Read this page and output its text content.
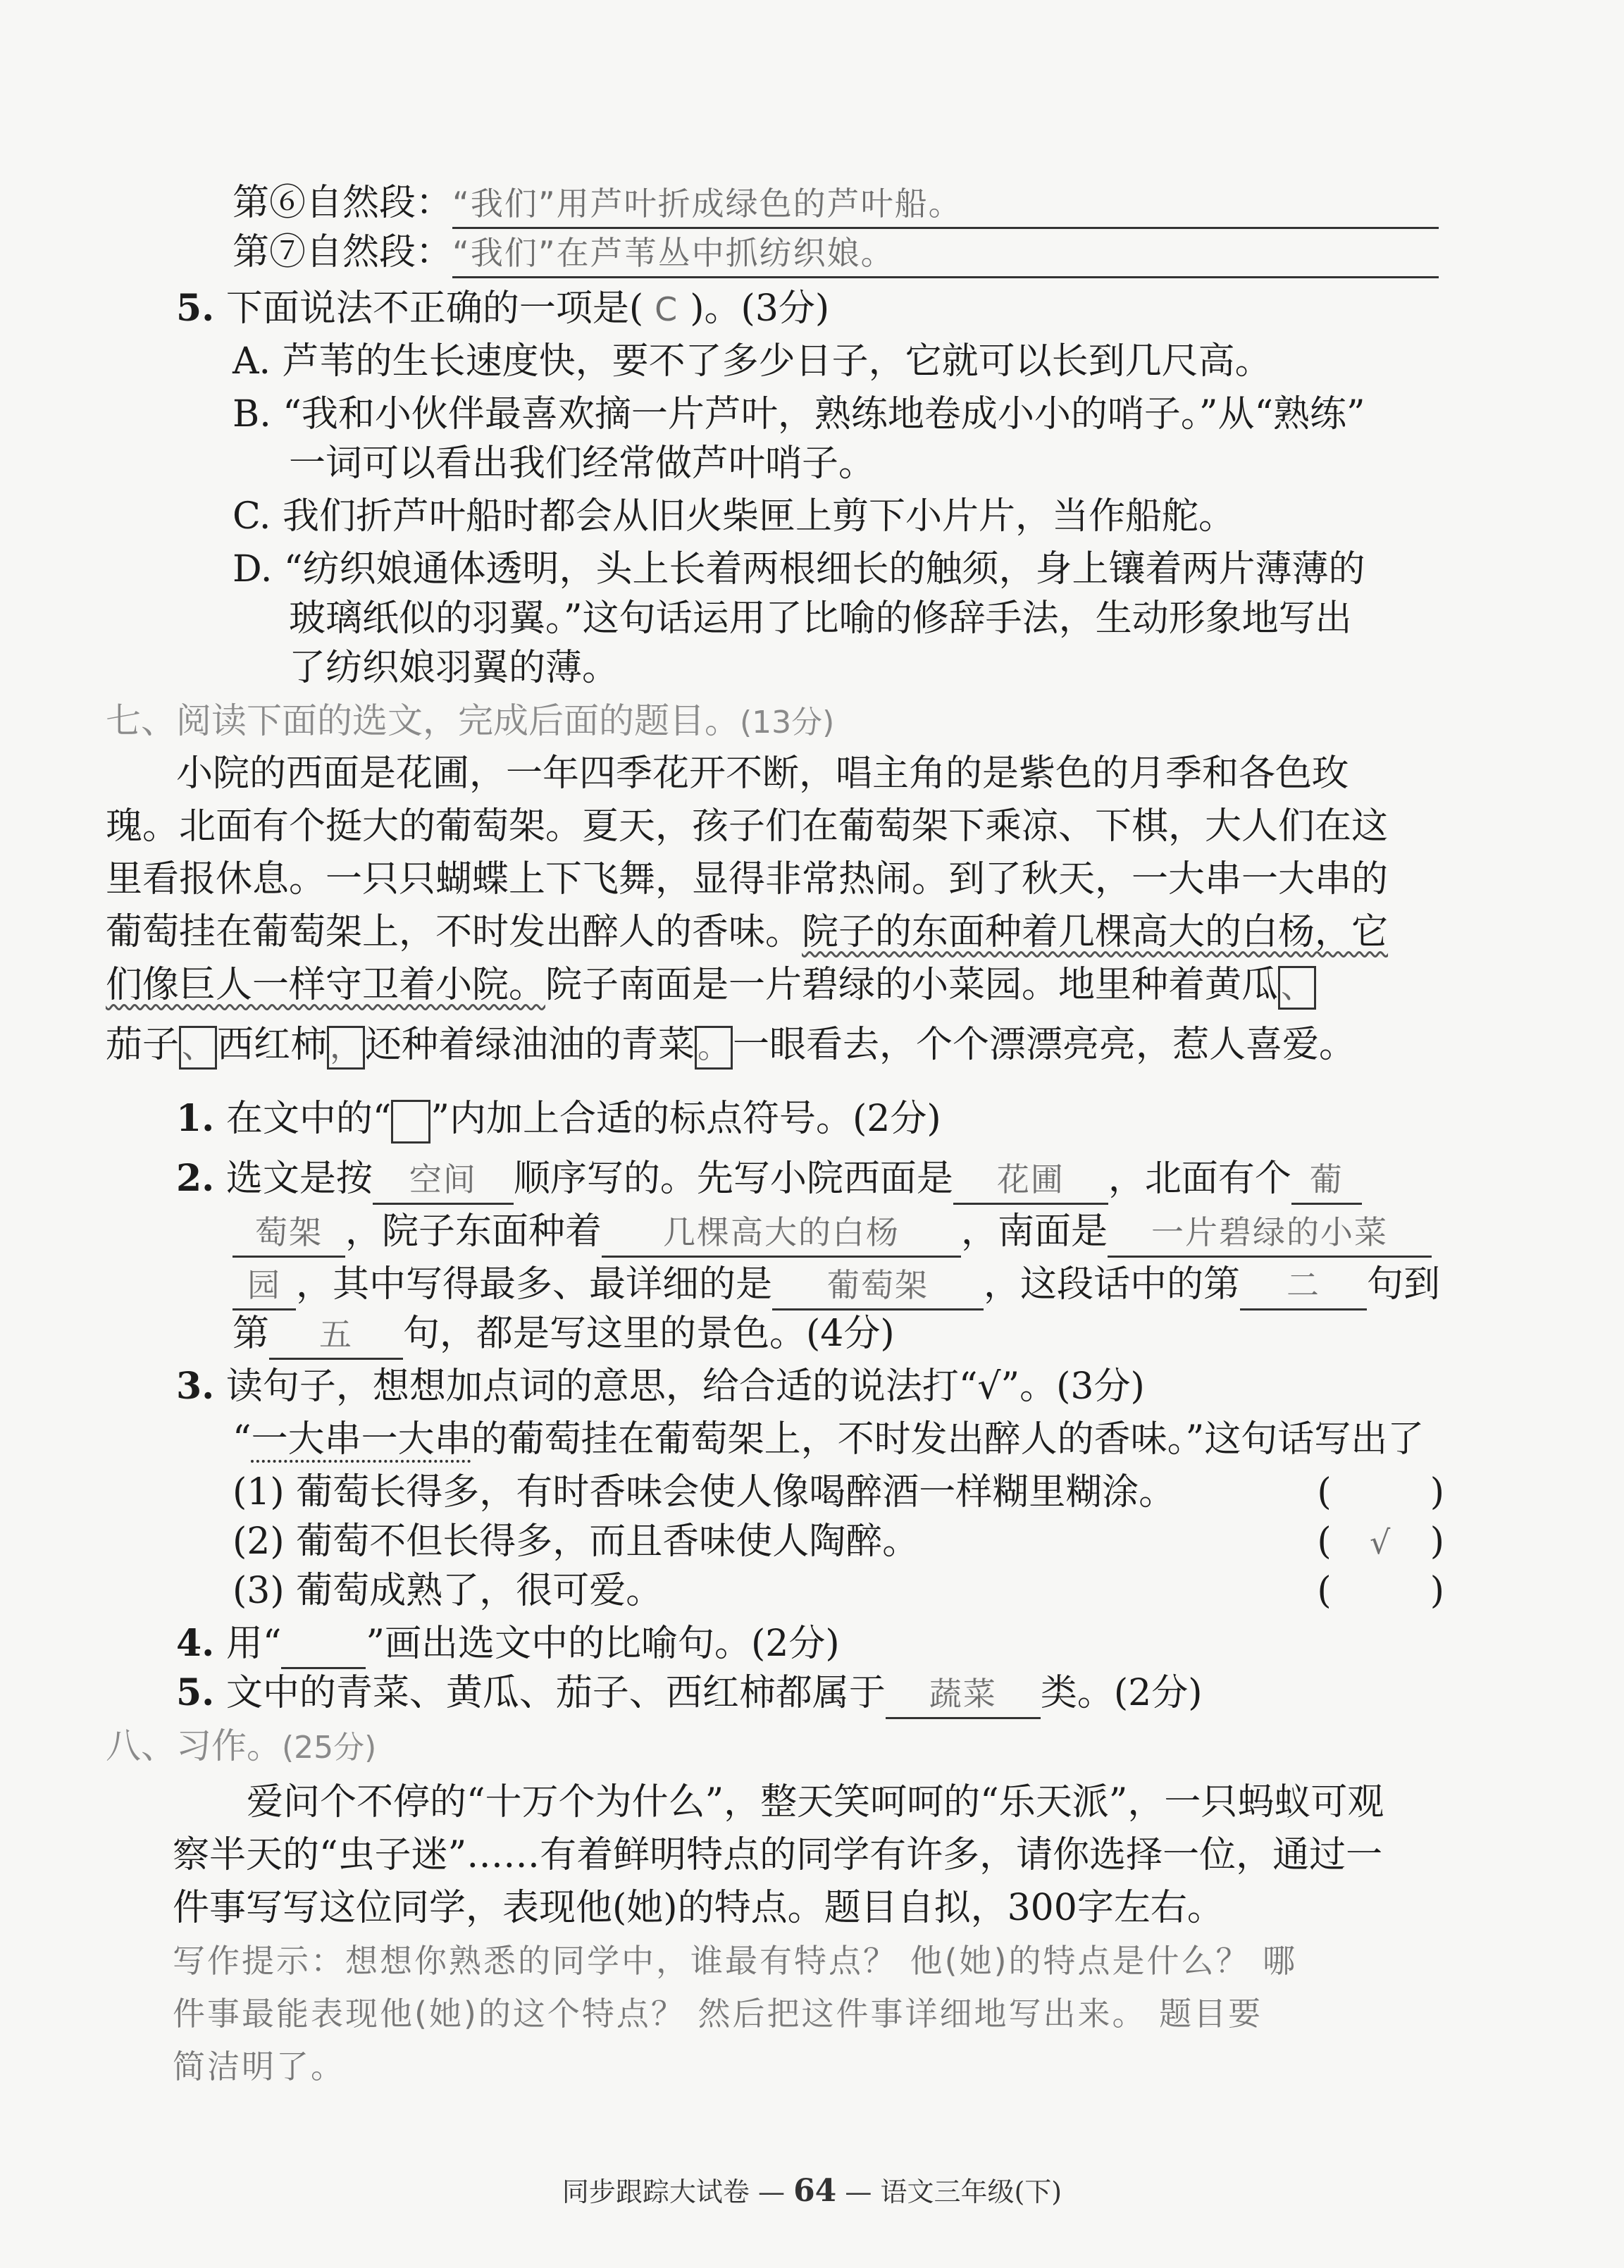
第⑥自然段：“我们”用芦叶折成绿色的芦叶船。
第⑦自然段：“我们”在芦苇丛中抓纺织娘。
5. 下面说法不正确的一项是( C )。(3分)
A. 芦苇的生长速度快，要不了多少日子，它就可以长到几尺高。
B. “我和小伙伴最喜欢摘一片芦叶，熟练地卷成小小的哨子。”从“熟练”
一词可以看出我们经常做芦叶哨子。
C. 我们折芦叶船时都会从旧火柴匣上剪下小片片，当作船舵。
D. “纺织娘通体透明，头上长着两根细长的触须，身上镶着两片薄薄的
玻璃纸似的羽翼。”这句话运用了比喻的修辞手法，生动形象地写出
了纺织娘羽翼的薄。
七、阅读下面的选文，完成后面的题目。(13分)
小院的西面是花圃，一年四季花开不断，唱主角的是紫色的月季和各色玫
瑰。北面有个挺大的葡萄架。夏天，孩子们在葡萄架下乘凉、下棋，大人们在这
里看报休息。一只只蝴蝶上下飞舞，显得非常热闹。到了秋天，一大串一大串的
葡萄挂在葡萄架上，不时发出醉人的香味。院子的东面种着几棵高大的白杨，它
们像巨人一样守卫着小院。院子南面是一片碧绿的小菜园。地里种着黄瓜、
茄子、西红柿，还种着绿油油的青菜。一眼看去，个个漂漂亮亮，惹人喜爱。
1. 在文中的“ ”内加上合适的标点符号。(2分)
2. 选文是按 空间 顺序写的。先写小院西面是 花圃 ，北面有个 葡
萄架 ，院子东面种着 几棵高大的白杨 ，南面是 一片碧绿的小菜
园 ，其中写得最多、最详细的是 葡萄架 ，这段话中的第 二 句到
第 五 句，都是写这里的景色。(4分)
3. 读句子，想想加点词的意思，给合适的说法打“√”。(3分)
“一大串一大串的葡萄挂在葡萄架上，不时发出醉人的香味。”这句话写出了
(1) 葡萄长得多，有时香味会使人像喝醉酒一样糊里糊涂。	(	)
(2) 葡萄不但长得多，而且香味使人陶醉。	( √ )
(3) 葡萄成熟了，很可爱。	(	)
4. 用“ ”画出选文中的比喻句。(2分)
5. 文中的青菜、黄瓜、茄子、西红柿都属于 蔬菜 类。(2分)
八、习作。(25分)
爱问个不停的“十万个为什么”，整天笑呵呵的“乐天派”，一只蚂蚁可观
察半天的“虫子迷”……有着鲜明特点的同学有许多，请你选择一位，通过一
件事写写这位同学，表现他(她)的特点。题目自拟，300字左右。
写作提示：想想你熟悉的同学中，谁最有特点？ 他(她)的特点是什么？ 哪
件事最能表现他(她)的这个特点？ 然后把这件事详细地写出来。 题目要
简洁明了。
同步跟踪大试卷 — 64 — 语文三年级(下)
